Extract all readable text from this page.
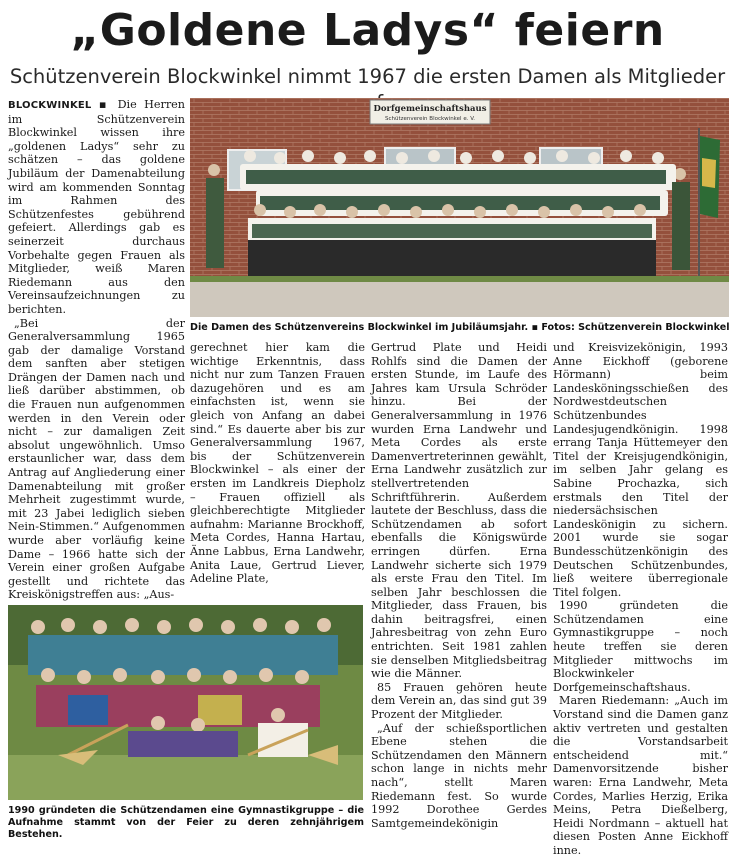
„Goldene Ladys“ feiern
Schützenverein Blockwinkel nimmt 1967 die ersten Damen als Mitglieder

BLOCKWINKEL ▪ Die Herren im Schützenverein Blockwinkel wissen ihre „goldenen Ladys“ sehr zu schätzen – das goldene Jubiläum der Damenabteilung wird am kommenden Sonntag im Rahmen des Schützenfestes gebührend gefeiert. Allerdings gab es seinerzeit durchaus Vorbehalte gegen Frauen als Mitglieder, weiß Maren Riedemann aus den Vereinsaufzeichnungen zu berichten.

„Bei der Generalversammlung 1965 gab der damalige Vorstand dem sanften aber stetigen Drängen der Damen nach und ließ darüber abstimmen, ob die Frauen nun aufgenommen werden in den Verein oder nicht – zur damaligen Zeit absolut ungewöhnlich. Umso erstaunlicher war, dass dem Antrag auf Angliederung einer Damenabteilung mit großer Mehrheit zugestimmt wurde, mit 23 Jabei lediglich sieben Nein-Stimmen.“ Aufgenommen wurde aber vorläufig keine Dame – 1966 hatte sich der Verein einer großen Aufgabe gestellt und richtete das Kreiskönigstreffen aus: „Aus-

Dorfgemeinschaftshaus
Schützenverein Blockwinkel e. V.
Die Damen des Schützenvereins Blockwinkel im Jubiläumsjahr. ▪ Fotos: Schützenverein Blockwinkel

gerechnet hier kam die wichtige Erkenntnis, dass nicht nur zum Tanzen Frauen dazugehören und es am einfachsten ist, wenn sie gleich von Anfang an dabei sind.“ Es dauerte aber bis zur Generalversammlung 1967, bis der Schützenverein Blockwinkel – als einer der ersten im Landkreis Diepholz – Frauen offiziell als gleichberechtigte Mitglieder aufnahm: Marianne Brockhoff, Meta Cordes, Hanna Hartau, Änne Labbus, Erna Landwehr, Anita Laue, Gertrud Liever, Adeline Plate,

Gertrud Plate und Heidi Rohlfs sind die Damen der ersten Stunde, im Laufe des Jahres kam Ursula Schröder hinzu. Bei der Generalversammlung in 1976 wurden Erna Landwehr und Meta Cordes als erste Damenvertreterinnen gewählt, Erna Landwehr zusätzlich zur stellvertretenden Schriftführerin. Außerdem lautete der Beschluss, dass die Schützendamen ab sofort ebenfalls die Königswürde erringen dürfen. Erna Landwehr sicherte sich 1979 als erste Frau den Titel. Im selben Jahr beschlossen die Mitglieder, dass Frauen, bis dahin beitragsfrei, einen Jahresbeitrag von zehn Euro entrichten. Seit 1981 zahlen sie denselben Mitgliedsbeitrag wie die Männer.

85 Frauen gehören heute dem Verein an, das sind gut 39 Prozent der Mitglieder.

„Auf der schießsportlichen Ebene stehen die Schützendamen den Männern schon lange in nichts mehr nach“, stellt Maren Riedemann fest. So wurde 1992 Dorothee Gerdes Samtgemeindekönigin

und Kreisvizekönigin, 1993 Anne Eickhoff (geborene Hörmann) beim Landesköningsschießen des Nordwestdeutschen Schützenbundes Landesjugendkönigin. 1998 errang Tanja Hüttemeyer den Titel der Kreisjugendkönigin, im selben Jahr gelang es Sabine Prochazka, sich erstmals den Titel der niedersächsischen Landeskönigin zu sichern. 2001 wurde sie sogar Bundesschützenkönigin des Deutschen Schützenbundes, ließ weitere überregionale Titel folgen.

1990 gründeten die Schützendamen eine Gymnastikgruppe – noch heute treffen sie deren Mitglieder mittwochs im Blockwinkeler Dorfgemeinschaftshaus.

Maren Riedemann: „Auch im Vorstand sind die Damen ganz aktiv vertreten und gestalten die Vorstandsarbeit entscheidend mit.“ Damenvorsitzende bisher waren: Erna Landwehr, Meta Cordes, Marlies Herzig, Erika Meins, Petra Dießelberg, Heidi Nordmann – aktuell hat diesen Posten Anne Eickhoff inne.

1990 gründeten die Schützendamen eine Gymnastikgruppe – die Aufnahme stammt von der Feier zu deren zehnjährigem Bestehen.
